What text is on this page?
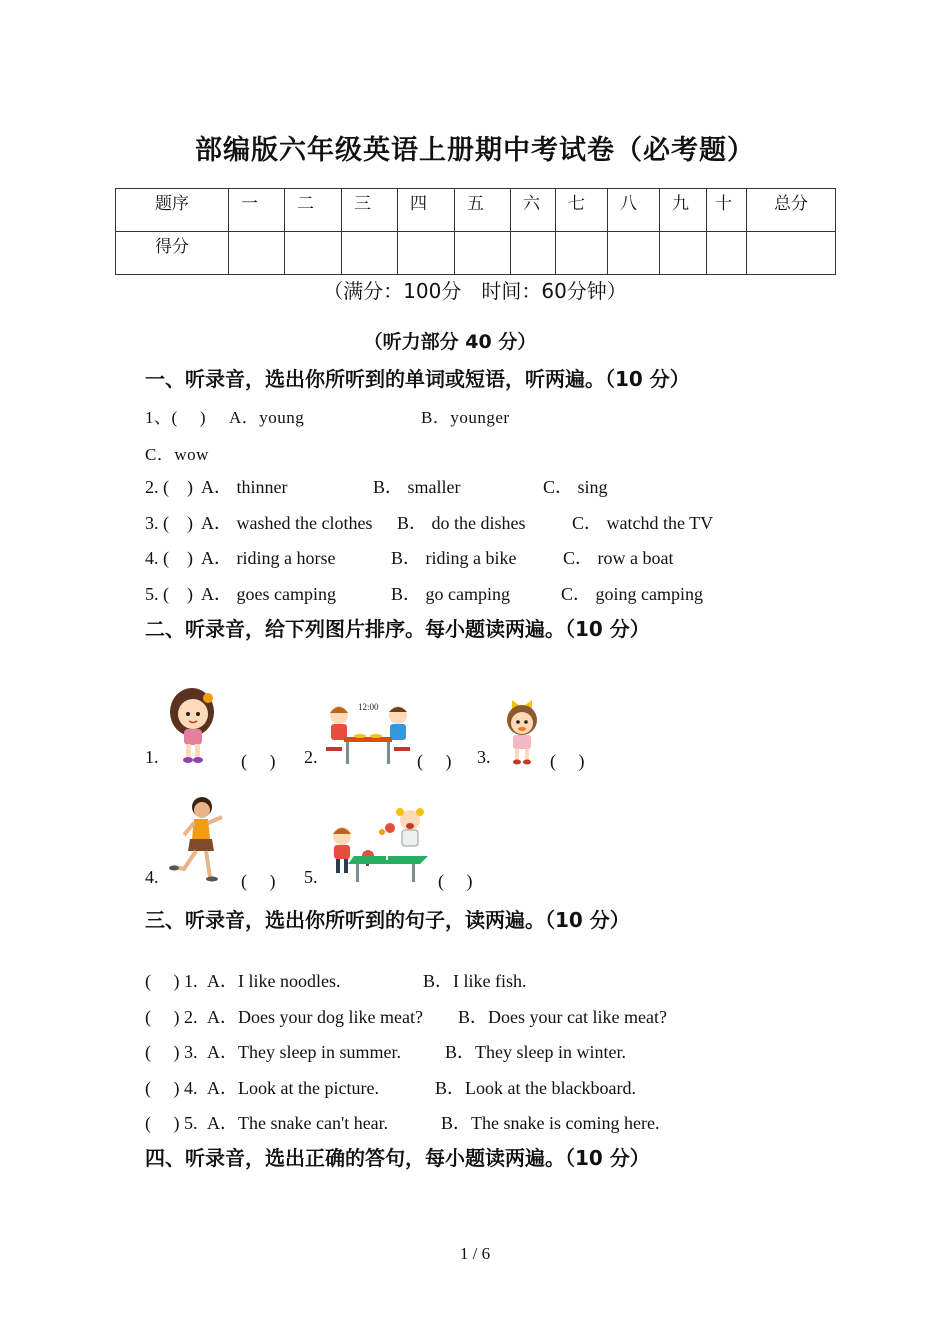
部编版六年级英语上册期中考试卷（必考题）
题序	一	二	三	四	五	六	七	八	九	十	总分
得分											
（满分：100分　时间：60分钟）
（听力部分 40 分）
一、听录音，选出你所听到的单词或短语，听两遍。（10 分）
1、(　 ) A．young	B．younger
C．wow
2. (　) A． thinner	B． smaller	C． sing
3. (　) A． washed the clothes B． do the dishes	C． watchd the TV
4. (　) A． riding a horse	B． riding a bike	C． row a boat
5. (　) A． goes camping	B． go camping	C． going camping
二、听录音，给下列图片排序。每小题读两遍。（10 分）
1.	(　 ) 2.
12:00
(　 ) 3.	(　 )
4.	(　 ) 5.	(　 )
三、听录音，选出你所听到的句子，读两遍。（10 分）
(　 ) 1. A．I like noodles.	B．I like fish.
(　 ) 2. A．Does your dog like meat? B．Does your cat like meat?
(　 ) 3. A．They sleep in summer. B．They sleep in winter.
(　 ) 4. A．Look at the picture.	B．Look at the blackboard.
(　 ) 5. A．The snake can't hear.	B．The snake is coming here.
四、听录音，选出正确的答句，每小题读两遍。（10 分）
1 / 6
